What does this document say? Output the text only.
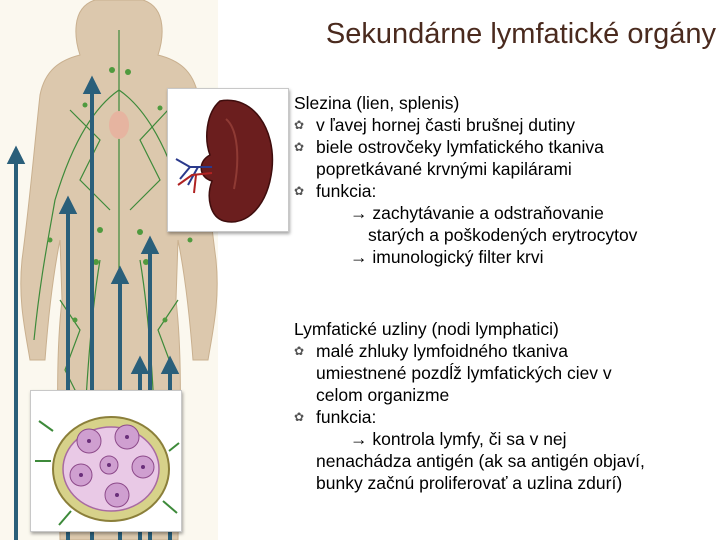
Sekundárne lymfatické orgány
Slezina (lien, splenis)
✿ v ľavej hornej časti brušnej dutiny
✿ biele ostrovčeky lymfatického tkaniva
popretkávané krvnými kapilárami
✿ funkcia:
→ zachytávanie a odstraňovanie
starých a poškodených erytrocytov
→ imunologický filter krvi
Lymfatické uzliny (nodi lymphatici)
✿ malé zhluky lymfoidného tkaniva
umiestnené pozdĺž lymfatických ciev v
celom organizme
✿ funkcia:
→ kontrola lymfy, či sa v nej
nenachádza antigén (ak sa antigén objaví,
bunky začnú proliferovať a uzlina zdurí)
